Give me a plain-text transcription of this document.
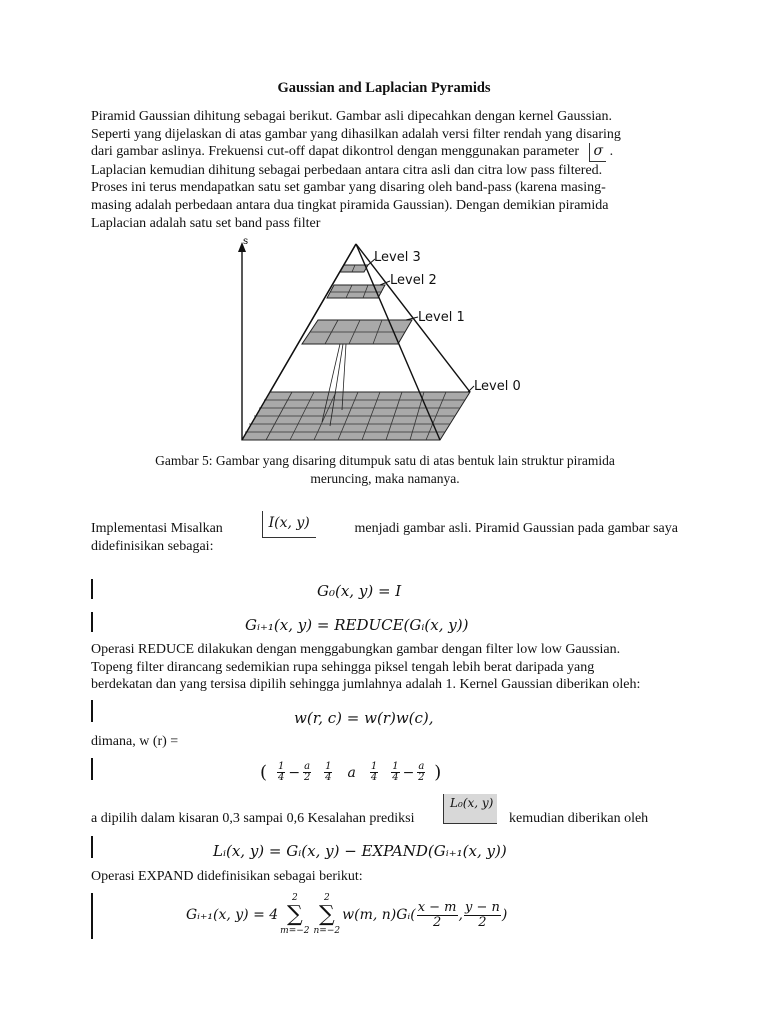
Gaussian and Laplacian Pyramids
Piramid Gaussian dihitung sebagai berikut. Gambar asli dipecahkan dengan kernel Gaussian.
Seperti yang dijelaskan di atas gambar yang dihasilkan adalah versi filter rendah yang disaring
dari gambar aslinya. Frekuensi cut-off dapat dikontrol dengan menggunakan parameter σ .
Laplacian kemudian dihitung sebagai perbedaan antara citra asli dan citra low pass filtered.
Proses ini terus mendapatkan satu set gambar yang disaring oleh band-pass (karena masing-
masing adalah perbedaan antara dua tingkat piramida Gaussian). Dengan demikian piramida
Laplacian adalah satu set band pass filter
s
Level 3
Level 2
Level 1
Level 0
Gambar 5: Gambar yang disaring ditumpuk satu di atas bentuk lain struktur piramida
meruncing, maka namanya.
Implementasi Misalkan	I(x, y)	menjadi gambar asli. Piramid Gaussian pada gambar saya
didefinisikan sebagai:
G₀(x, y) = I
Gᵢ₊₁(x, y) = REDUCE(Gᵢ(x, y))
Operasi REDUCE dilakukan dengan menggabungkan gambar dengan filter low low Gaussian.
Topeng filter dirancang sedemikian rupa sehingga piksel tengah lebih berat daripada yang
berdekatan dan yang tersisa dipilih sehingga jumlahnya adalah 1. Kernel Gaussian diberikan oleh:
w(r, c) = w(r)w(c),
dimana, w (r) =
( $\frac{1}{4} - \frac{a}{2} \frac{1}{4}$ a $\frac{1}{4} \frac{1}{4} - \frac{a}{2}$ )
a dipilih dalam kisaran 0,3 sampai 0,6 Kesalahan prediksi
L₀(x, y)
kemudian diberikan oleh
Lᵢ(x, y) = Gᵢ(x, y) − EXPAND(Gᵢ₊₁(x, y))
Operasi EXPAND didefinisikan sebagai berikut:
Gᵢ₊₁(x, y) = 4
2
∑
m=−2
2
∑
n=−2
w(m, n)Gᵢ( $\frac{x - m}{2}$ , $\frac{y - n}{2}$ )
